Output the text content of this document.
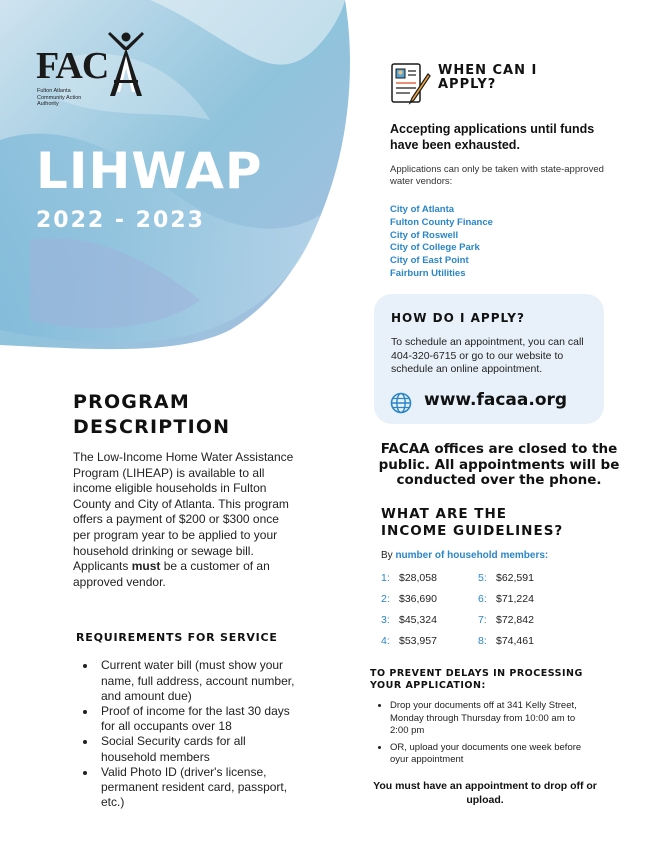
FAC
Fulton Atlanta
Community Action
Authority
LIHWAP
2022 - 2023
PROGRAM
DESCRIPTION

The Low-Income Home Water Assistance Program (LIHEAP) is available to all income eligible households in Fulton County and City of Atlanta. This program offers a payment of $200 or $300 once per program year to be applied to your household drinking or sewage bill. Applicants must be a customer of an approved vendor.

REQUIREMENTS FOR SERVICE
• Current water bill (must show your name, full address, account number, and amount due)
• Proof of income for the last 30 days for all occupants over 18
• Social Security cards for all household members
• Valid Photo ID (driver's license, permanent resident card, passport, etc.)
WHEN CAN I
APPLY?
Accepting applications until funds have been exhausted.
Applications can only be taken with state-approved water vendors:
City of Atlanta
Fulton County Finance
City of Roswell
City of College Park
City of East Point
Fairburn Utilities
HOW DO I APPLY?
To schedule an appointment, you can call 404-320-6715 or go to our website to schedule an online appointment.
www.facaa.org
FACAA offices are closed to the public. All appointments will be conducted over the phone.
WHAT ARE THE
INCOME GUIDELINES?
By number of household members:
1: $28,058
2: $36,690
3: $45,324
4: $53,957
5: $62,591
6: $71,224
7: $72,842
8: $74,461
TO PREVENT DELAYS IN PROCESSING
YOUR APPLICATION:
• Drop your documents off at 341 Kelly Street, Monday through Thursday from 10:00 am to 2:00 pm
• OR, upload your documents one week before oyur appointment
You must have an appointment to drop off or upload.
